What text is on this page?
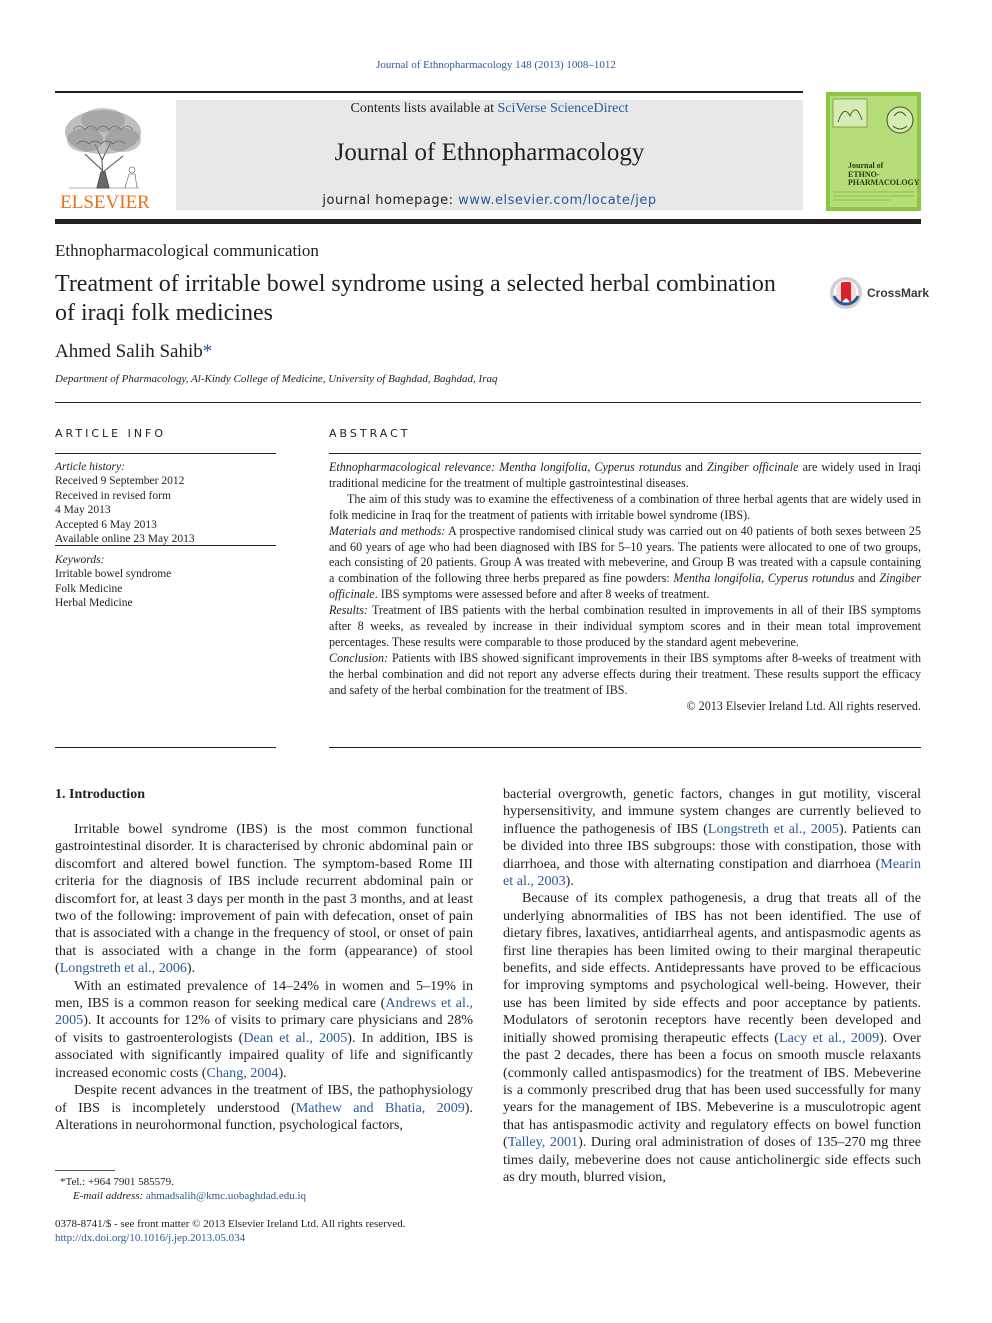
Journal of Ethnopharmacology 148 (2013) 1008–1012
ELSEVIER
Contents lists available at SciVerse ScienceDirect
Journal of Ethnopharmacology
journal homepage: www.elsevier.com/locate/jep
Journal of ETHNO-PHARMACOLOGY
Ethnopharmacological communication
Treatment of irritable bowel syndrome using a selected herbal combination of iraqi folk medicines
CrossMark
Ahmed Salih Sahib*
Department of Pharmacology, Al-Kindy College of Medicine, University of Baghdad, Baghdad, Iraq
ARTICLE INFO
Article history:
Received 9 September 2012
Received in revised form
4 May 2013
Accepted 6 May 2013
Available online 23 May 2013
Keywords:
Irritable bowel syndrome
Folk Medicine
Herbal Medicine
ABSTRACT

Ethnopharmacological relevance: Mentha longifolia, Cyperus rotundus and Zingiber officinale are widely used in Iraqi traditional medicine for the treatment of multiple gastrointestinal diseases.

The aim of this study was to examine the effectiveness of a combination of three herbal agents that are widely used in folk medicine in Iraq for the treatment of patients with irritable bowel syndrome (IBS).

Materials and methods: A prospective randomised clinical study was carried out on 40 patients of both sexes between 25 and 60 years of age who had been diagnosed with IBS for 5–10 years. The patients were allocated to one of two groups, each consisting of 20 patients. Group A was treated with mebeverine, and Group B was treated with a capsule containing a combination of the following three herbs prepared as fine powders: Mentha longifolia, Cyperus rotundus and Zingiber officinale. IBS symptoms were assessed before and after 8 weeks of treatment.

Results: Treatment of IBS patients with the herbal combination resulted in improvements in all of their IBS symptoms after 8 weeks, as revealed by increase in their individual symptom scores and in their mean total improvement percentages. These results were comparable to those produced by the standard agent mebeverine.

Conclusion: Patients with IBS showed significant improvements in their IBS symptoms after 8-weeks of treatment with the herbal combination and did not report any adverse effects during their treatment. These results support the efficacy and safety of the herbal combination for the treatment of IBS.

© 2013 Elsevier Ireland Ltd. All rights reserved.

1. Introduction

Irritable bowel syndrome (IBS) is the most common functional gastrointestinal disorder. It is characterised by chronic abdominal pain or discomfort and altered bowel function. The symptom-based Rome III criteria for the diagnosis of IBS include recurrent abdominal pain or discomfort for, at least 3 days per month in the past 3 months, and at least two of the following: improvement of pain with defecation, onset of pain that is associated with a change in the frequency of stool, or onset of pain that is associated with a change in the form (appearance) of stool (Longstreth et al., 2006).

With an estimated prevalence of 14–24% in women and 5–19% in men, IBS is a common reason for seeking medical care (Andrews et al., 2005). It accounts for 12% of visits to primary care physicians and 28% of visits to gastroenterologists (Dean et al., 2005). In addition, IBS is associated with significantly impaired quality of life and significantly increased economic costs (Chang, 2004).

Despite recent advances in the treatment of IBS, the pathophysiology of IBS is incompletely understood (Mathew and Bhatia, 2009). Alterations in neurohormonal function, psychological factors,

bacterial overgrowth, genetic factors, changes in gut motility, visceral hypersensitivity, and immune system changes are currently believed to influence the pathogenesis of IBS (Longstreth et al., 2005). Patients can be divided into three IBS subgroups: those with constipation, those with diarrhoea, and those with alternating constipation and diarrhoea (Mearin et al., 2003).

Because of its complex pathogenesis, a drug that treats all of the underlying abnormalities of IBS has not been identified. The use of dietary fibres, laxatives, antidiarrheal agents, and antispasmodic agents as first line therapies has been limited owing to their marginal therapeutic benefits, and side effects. Antidepressants have proved to be efficacious for improving symptoms and psychological well-being. However, their use has been limited by side effects and poor acceptance by patients. Modulators of serotonin receptors have recently been developed and initially showed promising therapeutic effects (Lacy et al., 2009). Over the past 2 decades, there has been a focus on smooth muscle relaxants (commonly called antispasmodics) for the treatment of IBS. Mebeverine is a commonly prescribed drug that has been used successfully for many years for the management of IBS. Mebeverine is a musculotropic agent that has antispasmodic activity and regulatory effects on bowel function (Talley, 2001). During oral administration of doses of 135–270 mg three times daily, mebeverine does not cause anticholinergic side effects such as dry mouth, blurred vision,

*Tel.: +964 7901 585579.
E-mail address: ahmadsalih@kmc.uobaghdad.edu.iq
0378-8741/$ - see front matter © 2013 Elsevier Ireland Ltd. All rights reserved.
http://dx.doi.org/10.1016/j.jep.2013.05.034
